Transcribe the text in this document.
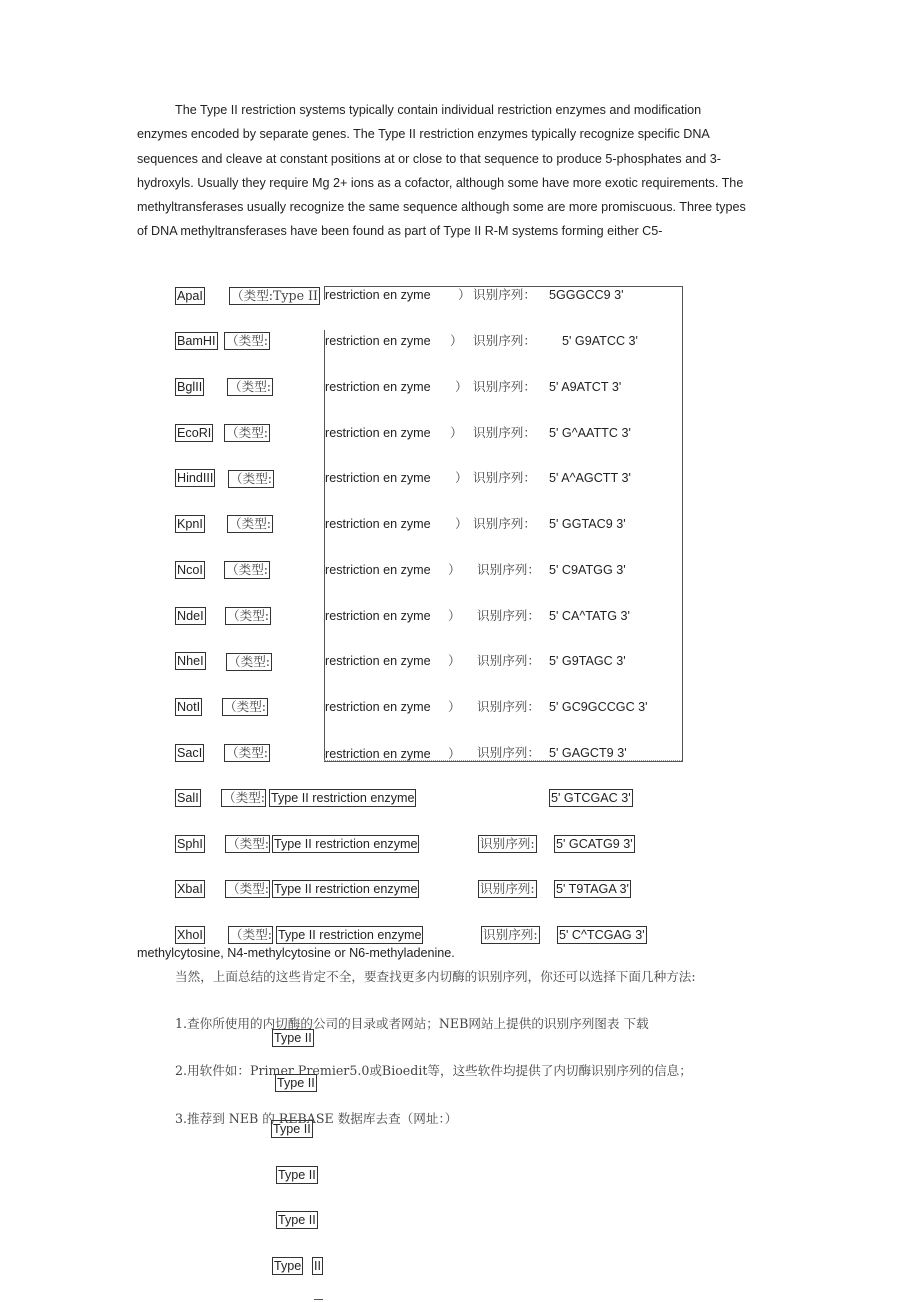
The Type II restriction systems typically contain individual restriction enzymes and modification
enzymes encoded by separate genes. The Type II restriction enzymes typically recognize specific DNA
sequences and cleave at constant positions at or close to that sequence to produce 5-phosphates and 3-
hydroxyls. Usually they require Mg 2+ ions as a cofactor, although some have more exotic requirements. The
methyltransferases usually recognize the same sequence although some are more promiscuous. Three types
of DNA methyltransferases have been found as part of Type II R-M systems forming either C5-

ApaI （类型:Type II restriction en zyme ） 识别序列： 5GGGCC9 3'
BamHI （类型:	restriction en zyme ） 识别序列： 5' G9ATCC 3'
BglII （类型:	restriction en zyme ） 识别序列： 5' A9ATCT 3'
EcoRI （类型:	restriction en zyme ） 识别序列： 5' G^AATTC 3'
HindIII （类型:	restriction en zyme ） 识别序列： 5' A^AGCTT 3'
KpnI （类型:	restriction en zyme ） 识别序列： 5' GGTAC9 3'
NcoI （类型:	restriction en zyme ） 识别序列： 5' C9ATGG 3'
NdeI （类型:	restriction en zyme ） 识别序列： 5' CA^TATG 3'
NheI （类型:	restriction en zyme ） 识别序列： 5' G9TAGC 3'
NotI （类型:	restriction en zyme ） 识别序列： 5' GC9GCCGC 3'
SacI （类型:	restriction en zyme ） 识别序列： 5' GAGCT9 3'
SalI （类型: Type II restriction enzyme	5' GTCGAC 3'
SphI （类型: Type II restriction enzyme	识别序列: 5' GCATG9 3'
XbaI （类型: Type II restriction enzyme	识别序列: 5' T9TAGA 3'
XhoI （类型: Type II restriction enzyme	识别序列: 5' C^TCGAG 3'
methylcytosine, N4-methylcytosine or N6-methyladenine.
当然，上面总结的这些肯定不全，要查找更多内切酶的识别序列，你还可以选择下面几种方法:
1.查你所使用的内切酶的公司的目录或者网站；NEB网站上提供的识别序列图表 下载
2.用软件如：Primer Premier5.0或Bioedit等，这些软件均提供了内切酶识别序列的信息；
3.推荐到 NEB 的 REBASE 数据库去查（网址：）
Type II
Type II
Type II
Type II
Type II
Type II
